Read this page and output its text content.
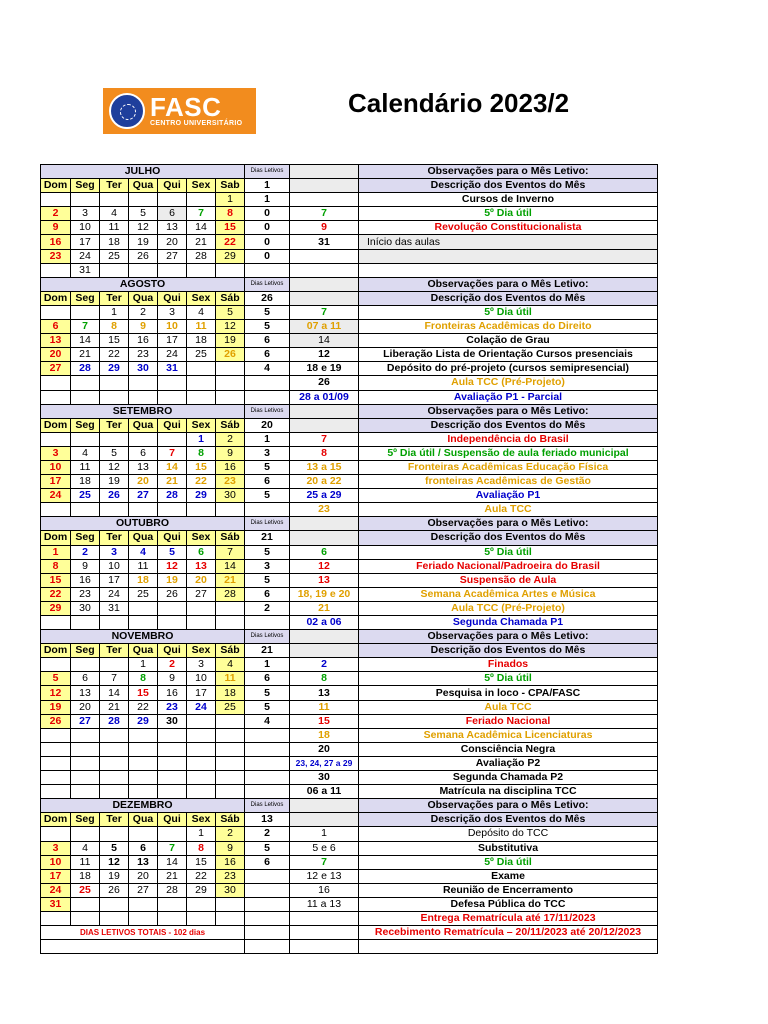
FASC
CENTRO UNIVERSITÁRIO
Calendário 2023/2
JULHO							Dias Letivos		Observações para o Mês Letivo:
Dom	Seg	Ter	Qua	Qui	Sex	Sab	1		Descrição dos Eventos do Mês
						1	1		Cursos de Inverno
2	3	4	5	6	7	8	0	7	5º Dia útil
9	10	11	12	13	14	15	0	9	Revolução Constitucionalista
16	17	18	19	20	21	22	0	31	Início das aulas
23	24	25	26	27	28	29	0		
	31								
AGOSTO							Dias Letivos		Observações para o Mês Letivo:
Dom	Seg	Ter	Qua	Qui	Sex	Sáb	26		Descrição dos Eventos do Mês
		1	2	3	4	5	5	7	5º Dia útil
6	7	8	9	10	11	12	5	07 a 11	Fronteiras Acadêmicas do Direito
13	14	15	16	17	18	19	6	14	Colação de Grau
20	21	22	23	24	25	26	6	12	Liberação Lista de Orientação Cursos presenciais
27	28	29	30	31			4	18 e 19	Depósito do pré-projeto (cursos semipresencial)
								26	Aula TCC (Pré-Projeto)
								28 a 01/09	Avaliação P1 - Parcial
SETEMBRO							Dias Letivos		Observações para o Mês Letivo:
Dom	Seg	Ter	Qua	Qui	Sex	Sáb	20		Descrição dos Eventos do Mês
					1	2	1	7	Independência do Brasil
3	4	5	6	7	8	9	3	8	5º Dia útil / Suspensão de aula feriado municipal
10	11	12	13	14	15	16	5	13 a 15	Fronteiras Acadêmicas Educação Física
17	18	19	20	21	22	23	6	20 a 22	fronteiras Acadêmicas de Gestão
24	25	26	27	28	29	30	5	25 a 29	Avaliação P1
								23	Aula TCC
OUTUBRO							Dias Letivos		Observações para o Mês Letivo:
Dom	Seg	Ter	Qua	Qui	Sex	Sáb	21		Descrição dos Eventos do Mês
1	2	3	4	5	6	7	5	6	5º Dia útil
8	9	10	11	12	13	14	3	12	Feriado Nacional/Padroeira do Brasil
15	16	17	18	19	20	21	5	13	Suspensão de Aula
22	23	24	25	26	27	28	6	18, 19 e 20	Semana Acadêmica Artes e Música
29	30	31					2	21	Aula TCC (Pré-Projeto)
								02 a 06	Segunda Chamada P1
NOVEMBRO							Dias Letivos		Observações para o Mês Letivo:
Dom	Seg	Ter	Qua	Qui	Sex	Sáb	21		Descrição dos Eventos do Mês
			1	2	3	4	1	2	Finados
5	6	7	8	9	10	11	6	8	5º Dia útil
12	13	14	15	16	17	18	5	13	Pesquisa in loco - CPA/FASC
19	20	21	22	23	24	25	5	11	Aula TCC
26	27	28	29	30			4	15	Feriado Nacional
								18	Semana Acadêmica Licenciaturas
								20	Consciência Negra
								23, 24, 27 a 29	Avaliação P2
								30	Segunda Chamada P2
								06 a 11	Matrícula na disciplina TCC
DEZEMBRO							Dias Letivos		Observações para o Mês Letivo:
Dom	Seg	Ter	Qua	Qui	Sex	Sáb	13		Descrição dos Eventos do Mês
					1	2	2	1	Depósito do TCC
3	4	5	6	7	8	9	5	5 e 6	Substitutiva
10	11	12	13	14	15	16	6	7	5º Dia útil
17	18	19	20	21	22	23		12 e 13	Exame
24	25	26	27	28	29	30		16	Reunião de Encerramento
31								11 a 13	Defesa Pública do TCC
									Entrega Rematrícula até 17/11/2023
DIAS LETIVOS TOTAIS - 102 dias									Recebimento Rematrícula – 20/11/2023 até 20/12/2023
